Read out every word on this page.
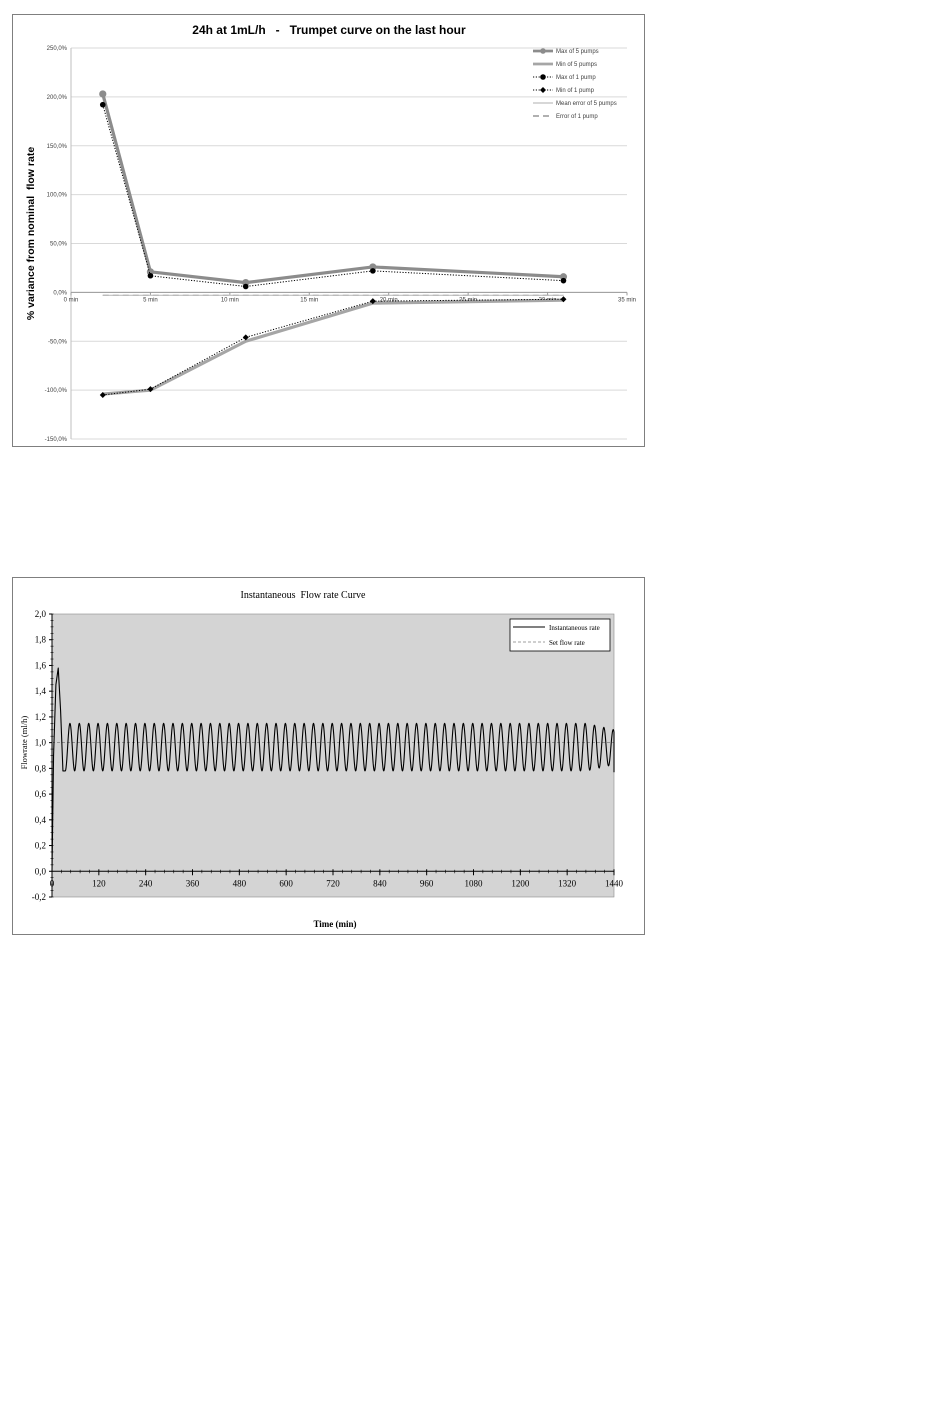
24h at 1mL/h   -   Trumpet curve on the last hour
250,0%
200,0%
150,0%
100,0%
50,0%
0,0%
-50,0%
-100,0%
-150,0%
0 min	5 min	10 min	15 min	20 min	25 min	30 min	35 min
% variance from nominal  flow rate
Max of 5 pumps
Min of 5 pumps
Max of 1 pump
Min of 1 pump
Mean error of 5 pumps
Error of 1 pump
Instantaneous  Flow rate Curve
2,0
1,8
1,6
1,4
1,2
1,0
0,8
0,6
0,4
0,2
0,0
-0,2
0	120	240	360	480	600	720	840	960	1080	1200	1320	1440
Flowrate (ml/h)
Time (min)
Instantaneous rate
Set flow rate
